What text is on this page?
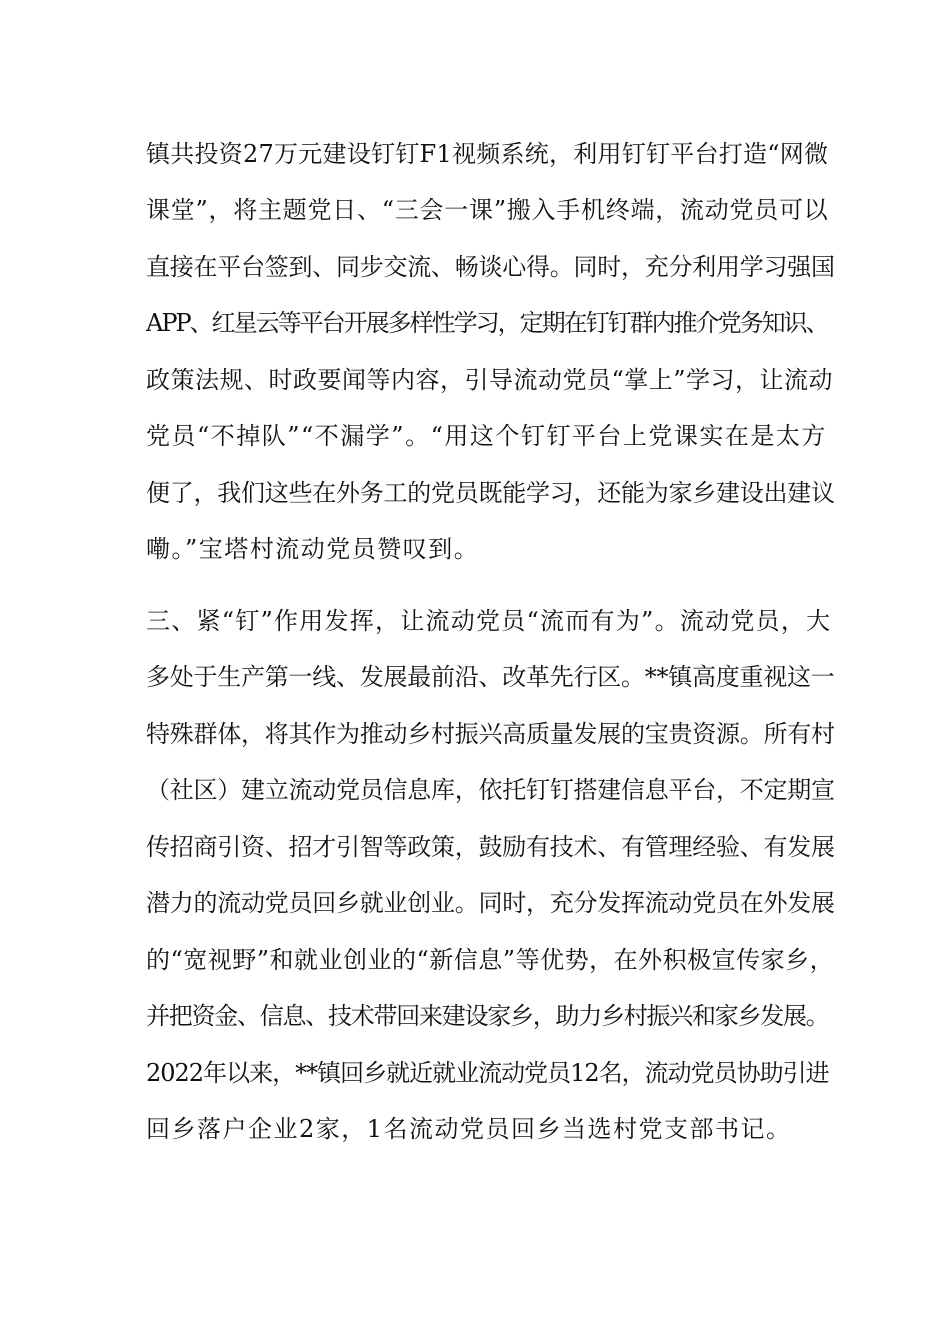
镇共投资27万元建设钉钉F1视频系统，利用钉钉平台打造“网微
课堂”，将主题党日、“三会一课”搬入手机终端，流动党员可以
直接在平台签到、同步交流、畅谈心得。同时，充分利用学习强国
APP、红星云等平台开展多样性学习，定期在钉钉群内推介党务知识、
政策法规、时政要闻等内容，引导流动党员“掌上”学习，让流动
党员“不掉队”“不漏学”。“用这个钉钉平台上党课实在是太方
便了，我们这些在外务工的党员既能学习，还能为家乡建设出建议
嘞。”宝塔村流动党员赞叹到。
三、紧“钉”作用发挥，让流动党员“流而有为”。流动党员，大
多处于生产第一线、发展最前沿、改革先行区。**镇高度重视这一
特殊群体，将其作为推动乡村振兴高质量发展的宝贵资源。所有村
（社区）建立流动党员信息库，依托钉钉搭建信息平台，不定期宣
传招商引资、招才引智等政策，鼓励有技术、有管理经验、有发展
潜力的流动党员回乡就业创业。同时，充分发挥流动党员在外发展
的“宽视野”和就业创业的“新信息”等优势，在外积极宣传家乡，
并把资金、信息、技术带回来建设家乡，助力乡村振兴和家乡发展。
2022年以来，**镇回乡就近就业流动党员12名，流动党员协助引进
回乡落户企业2家，1名流动党员回乡当选村党支部书记。
